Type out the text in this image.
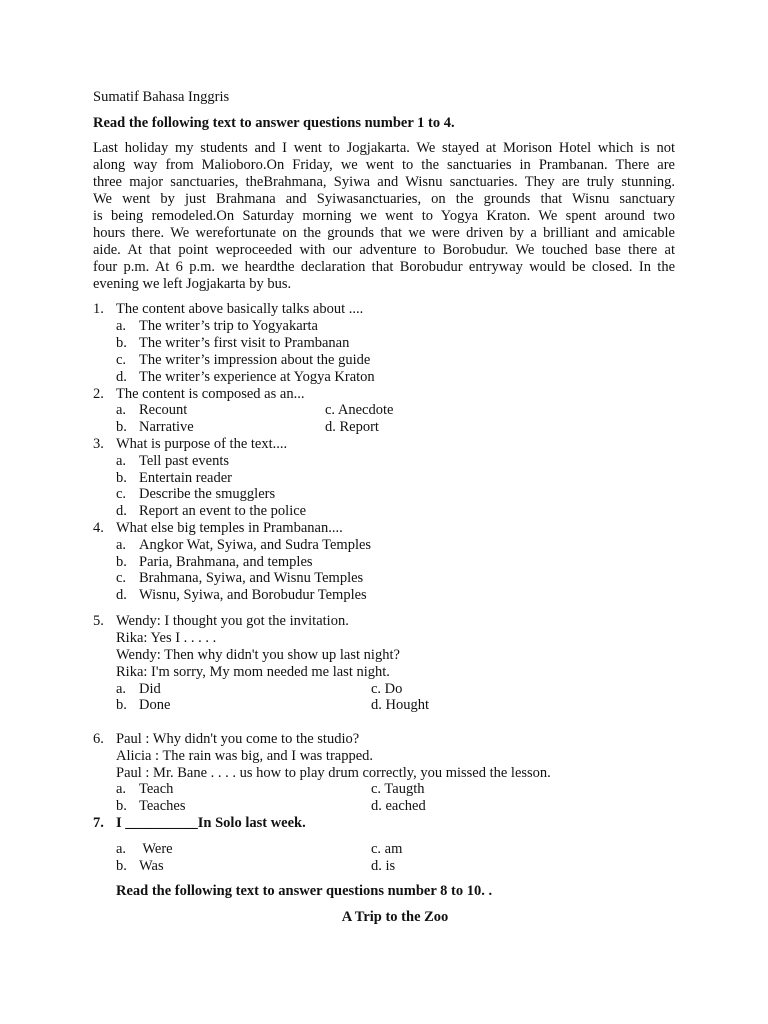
Sumatif Bahasa Inggris
Read the following text to answer questions number 1 to 4.
Last holiday my students and I went to Jogjakarta. We stayed at Morison Hotel which is not
along way from Malioboro.On Friday, we went to the sanctuaries in Prambanan. There are
three major sanctuaries, theBrahmana, Syiwa and Wisnu sanctuaries. They are truly stunning.
We went by just Brahmana and Syiwasanctuaries, on the grounds that Wisnu sanctuary
is being remodeled.On Saturday morning we went to Yogya Kraton. We spent around two
hours there. We werefortunate on the grounds that we were driven by a brilliant and amicable
aide. At that point weproceeded with our adventure to Borobudur. We touched base there at
four p.m. At 6 p.m. we heardthe declaration that Borobudur entryway would be closed. In the
evening we left Jogjakarta by bus.
1. The content above basically talks about ....
a. The writer’s trip to Yogyakarta
b. The writer’s first visit to Prambanan
c. The writer’s impression about the guide
d. The writer’s experience at Yogya Kraton
2. The content is composed as an...
a. Recount	c. Anecdote
b. Narrative	d. Report
3. What is purpose of the text....
a. Tell past events
b. Entertain reader
c. Describe the smugglers
d. Report an event to the police
4. What else big temples in Prambanan....
a. Angkor Wat, Syiwa, and Sudra Temples
b. Paria, Brahmana, and temples
c. Brahmana, Syiwa, and Wisnu Temples
d. Wisnu, Syiwa, and Borobudur Temples
5. Wendy: I thought you got the invitation.
Rika: Yes I . . . . .
Wendy: Then why didn't you show up last night?
Rika: I'm sorry, My mom needed me last night.
a. Did	c. Do
b. Done	d. Hought
6. Paul : Why didn't you come to the studio?
Alicia : The rain was big, and I was trapped.
Paul : Mr. Bane . . . . us how to play drum correctly, you missed the lesson.
a. Teach	c. Taugth
b. Teaches	d. eached
7. I __________In Solo last week.
a. Were	c. am
b. Was	d. is
Read the following text to answer questions number 8 to 10. .
A Trip to the Zoo
